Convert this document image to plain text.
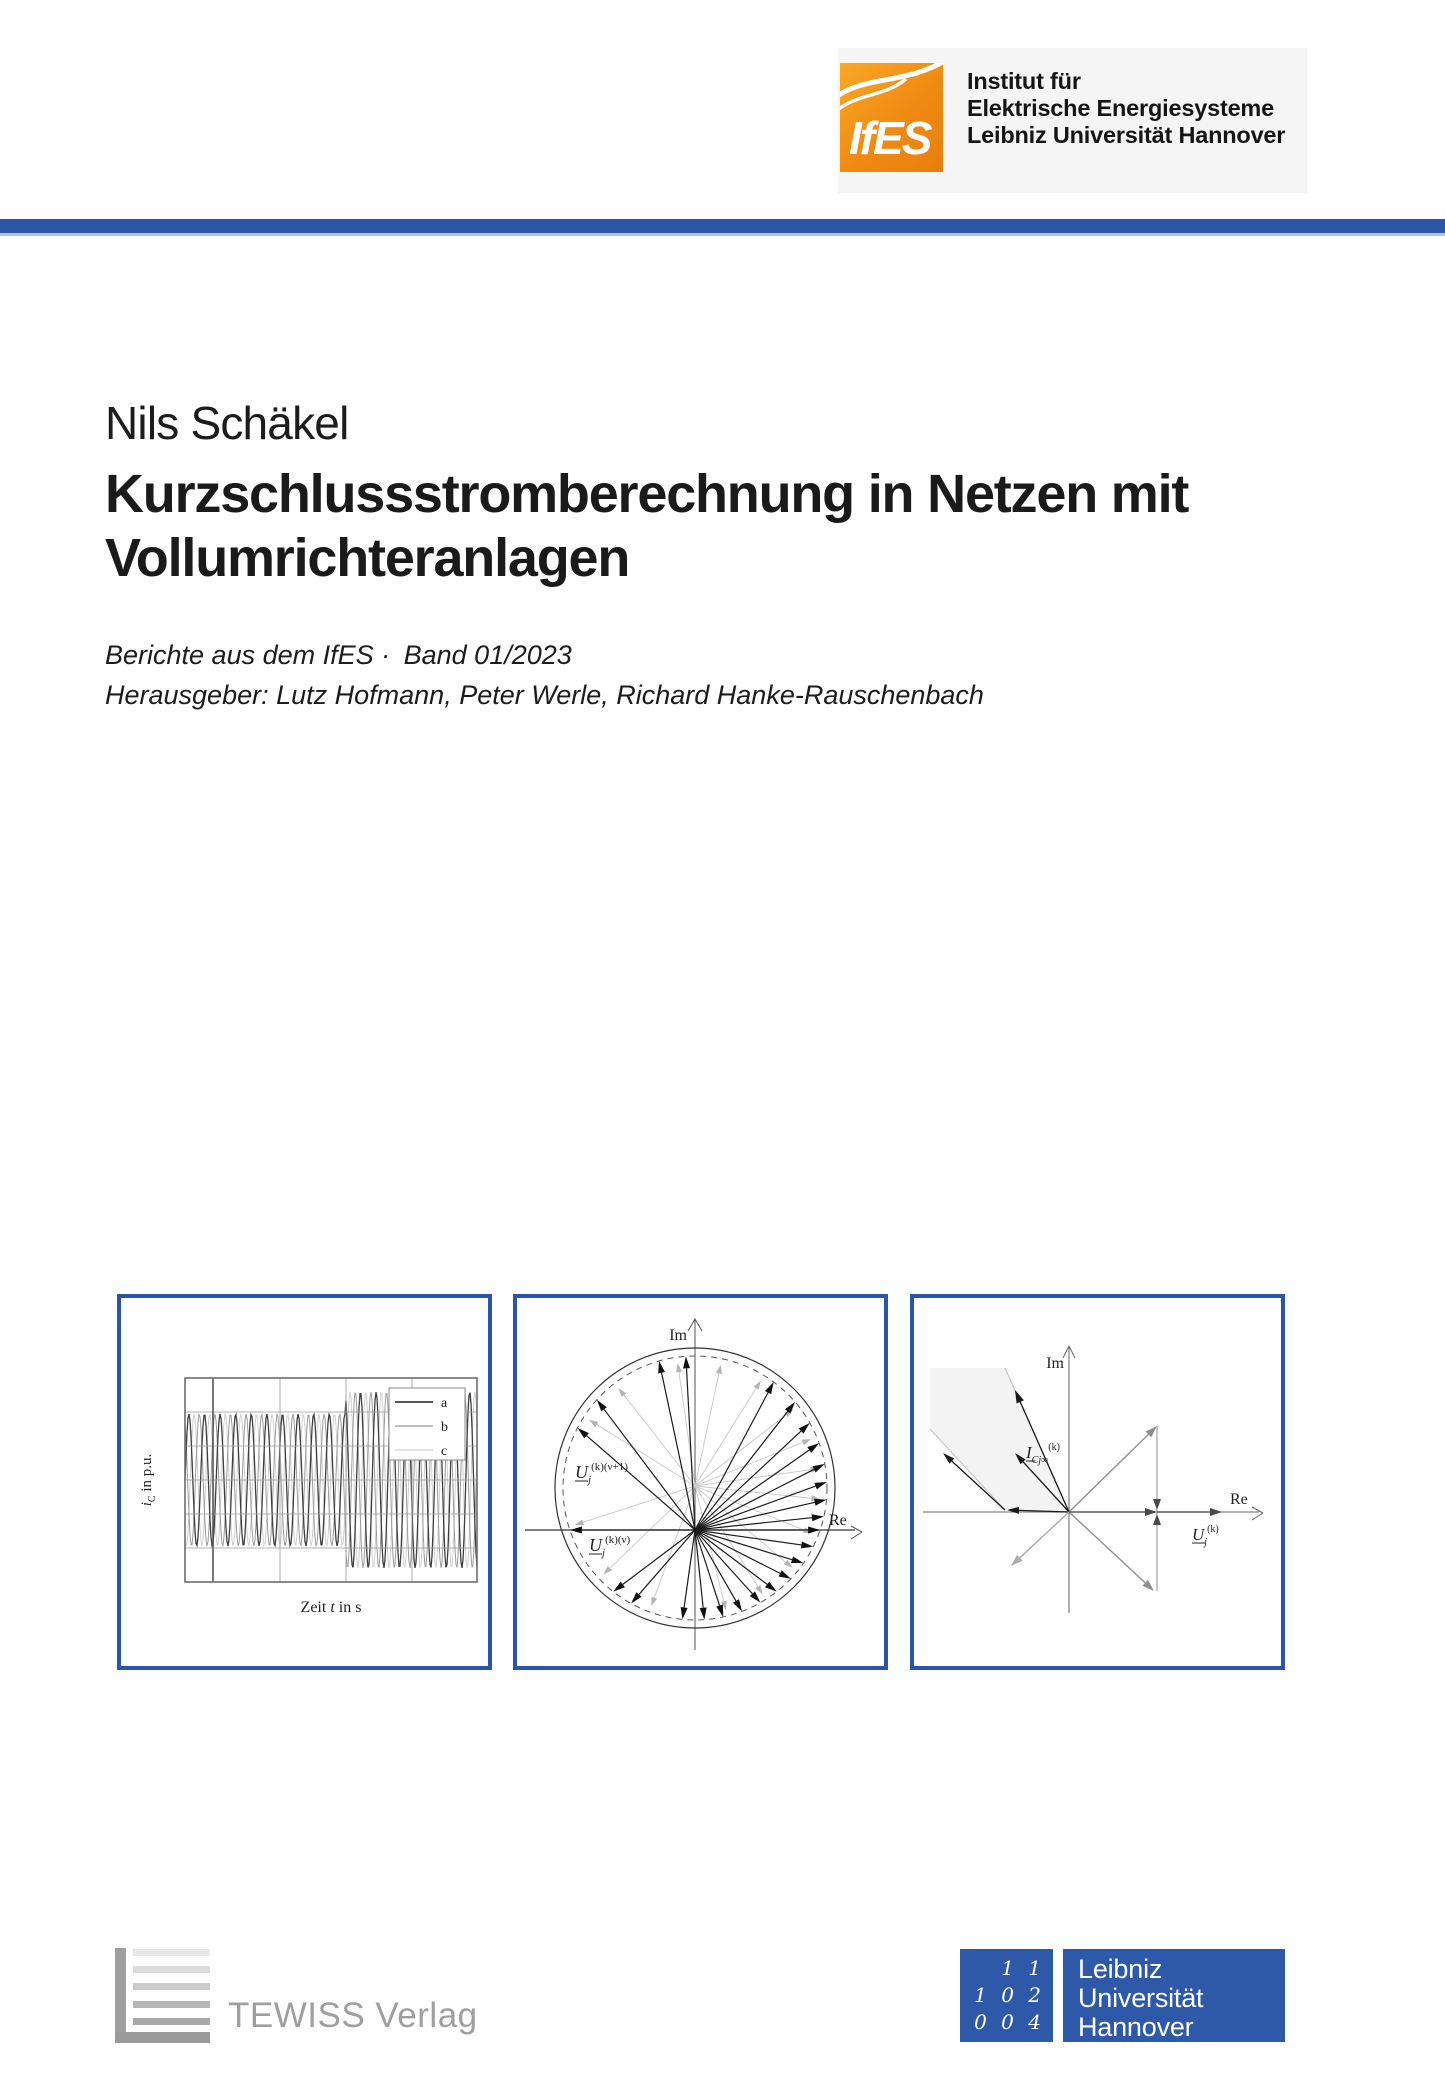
IfES
Institut für
Elektrische Energiesysteme
Leibniz Universität Hannover
Nils Schäkel
Kurzschlussstromberechnung in Netzen mit
Vollumrichteranlagen
Berichte aus dem IfES · Band 01/2023
Herausgeber: Lutz Hofmann, Peter Werle, Richard Hanke-Rauschenbach
a
b
c
$i_C$ in p.u.
Zeit t in s
Im
Re
$U_j^{(k)(\nu+1)}$
$U_j^{(k)(\nu)}$
Im
Re
$I_{Cj\infty}^{(k)}$
$U_j^{(k)}$
TEWISS Verlag
1 1
1 0 2
1 0 0 4
Leibniz
Universität
Hannover
